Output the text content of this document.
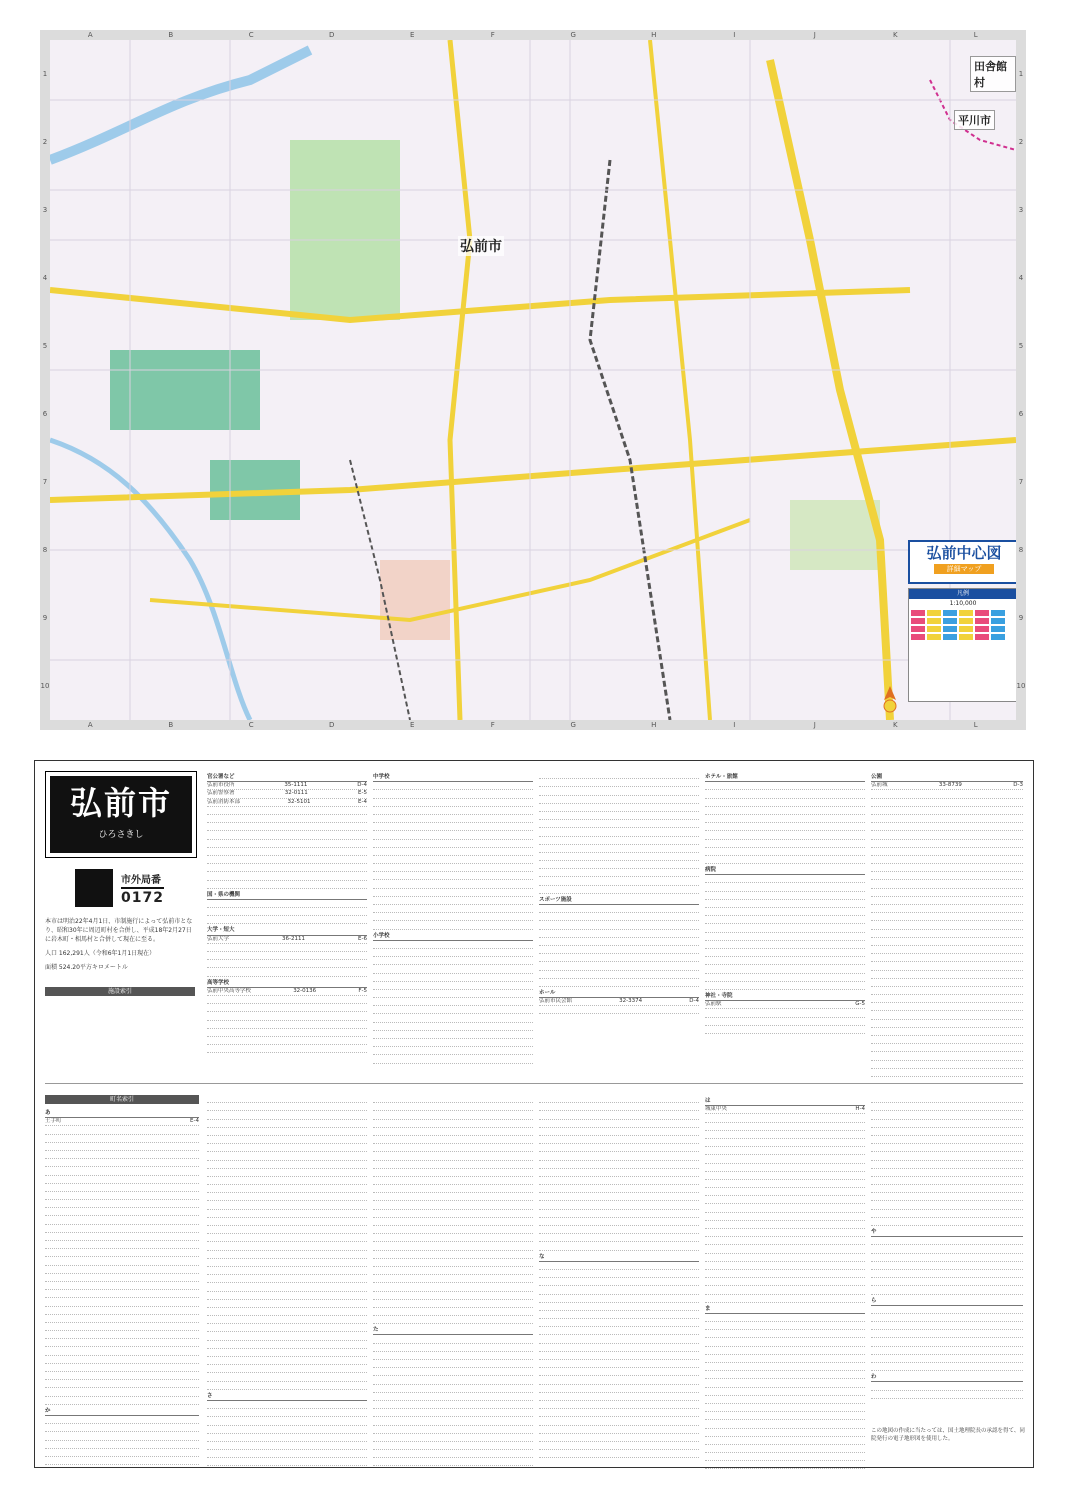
A	B	C	D	E	F	G	H	I	J	K	L
A	B	C	D	E	F	G	H	I	J	K	L
1
2
3
4
5
6
7
8
9
10
1
2
3
4
5
6
7
8
9
10
弘前市
田舎館村
平川市
弘前中心図
詳細マップ
凡例
1:10,000
弘前市
ひろさきし
市外局番
0172

本市は明治22年4月1日、市制施行によって弘前市となり、昭和30年に周辺町村を合併し、平成18年2月27日に岩木町・相馬村と合併して現在に至る。

人口 162,291人（令和6年1月1日現在）

面積 524.20平方キロメートル

施設索引
官公署など
弘前市役所	35-1111	D-4
弘前警察署	32-0111	E-5
弘前消防本部	32-5101	E-4
国・県の機関
大学・短大
弘前大学	36-2111	E-6
高等学校
弘前中央高等学校	32-0136	F-5
中学校
小学校
スポーツ施設
ホール
弘前市民会館	32-3374	D-4
ホテル・旅館
病院
神社・寺院
弘前駅	G-5
公園
弘前城	33-8739	D-3
町名索引
あ
土手町	E-4
か
さ
た
な
は
城東中央	H-4
ま
や
ら
わ
この地図の作成に当たっては、国土地理院長の承認を得て、同院発行の電子地形図を使用した。
